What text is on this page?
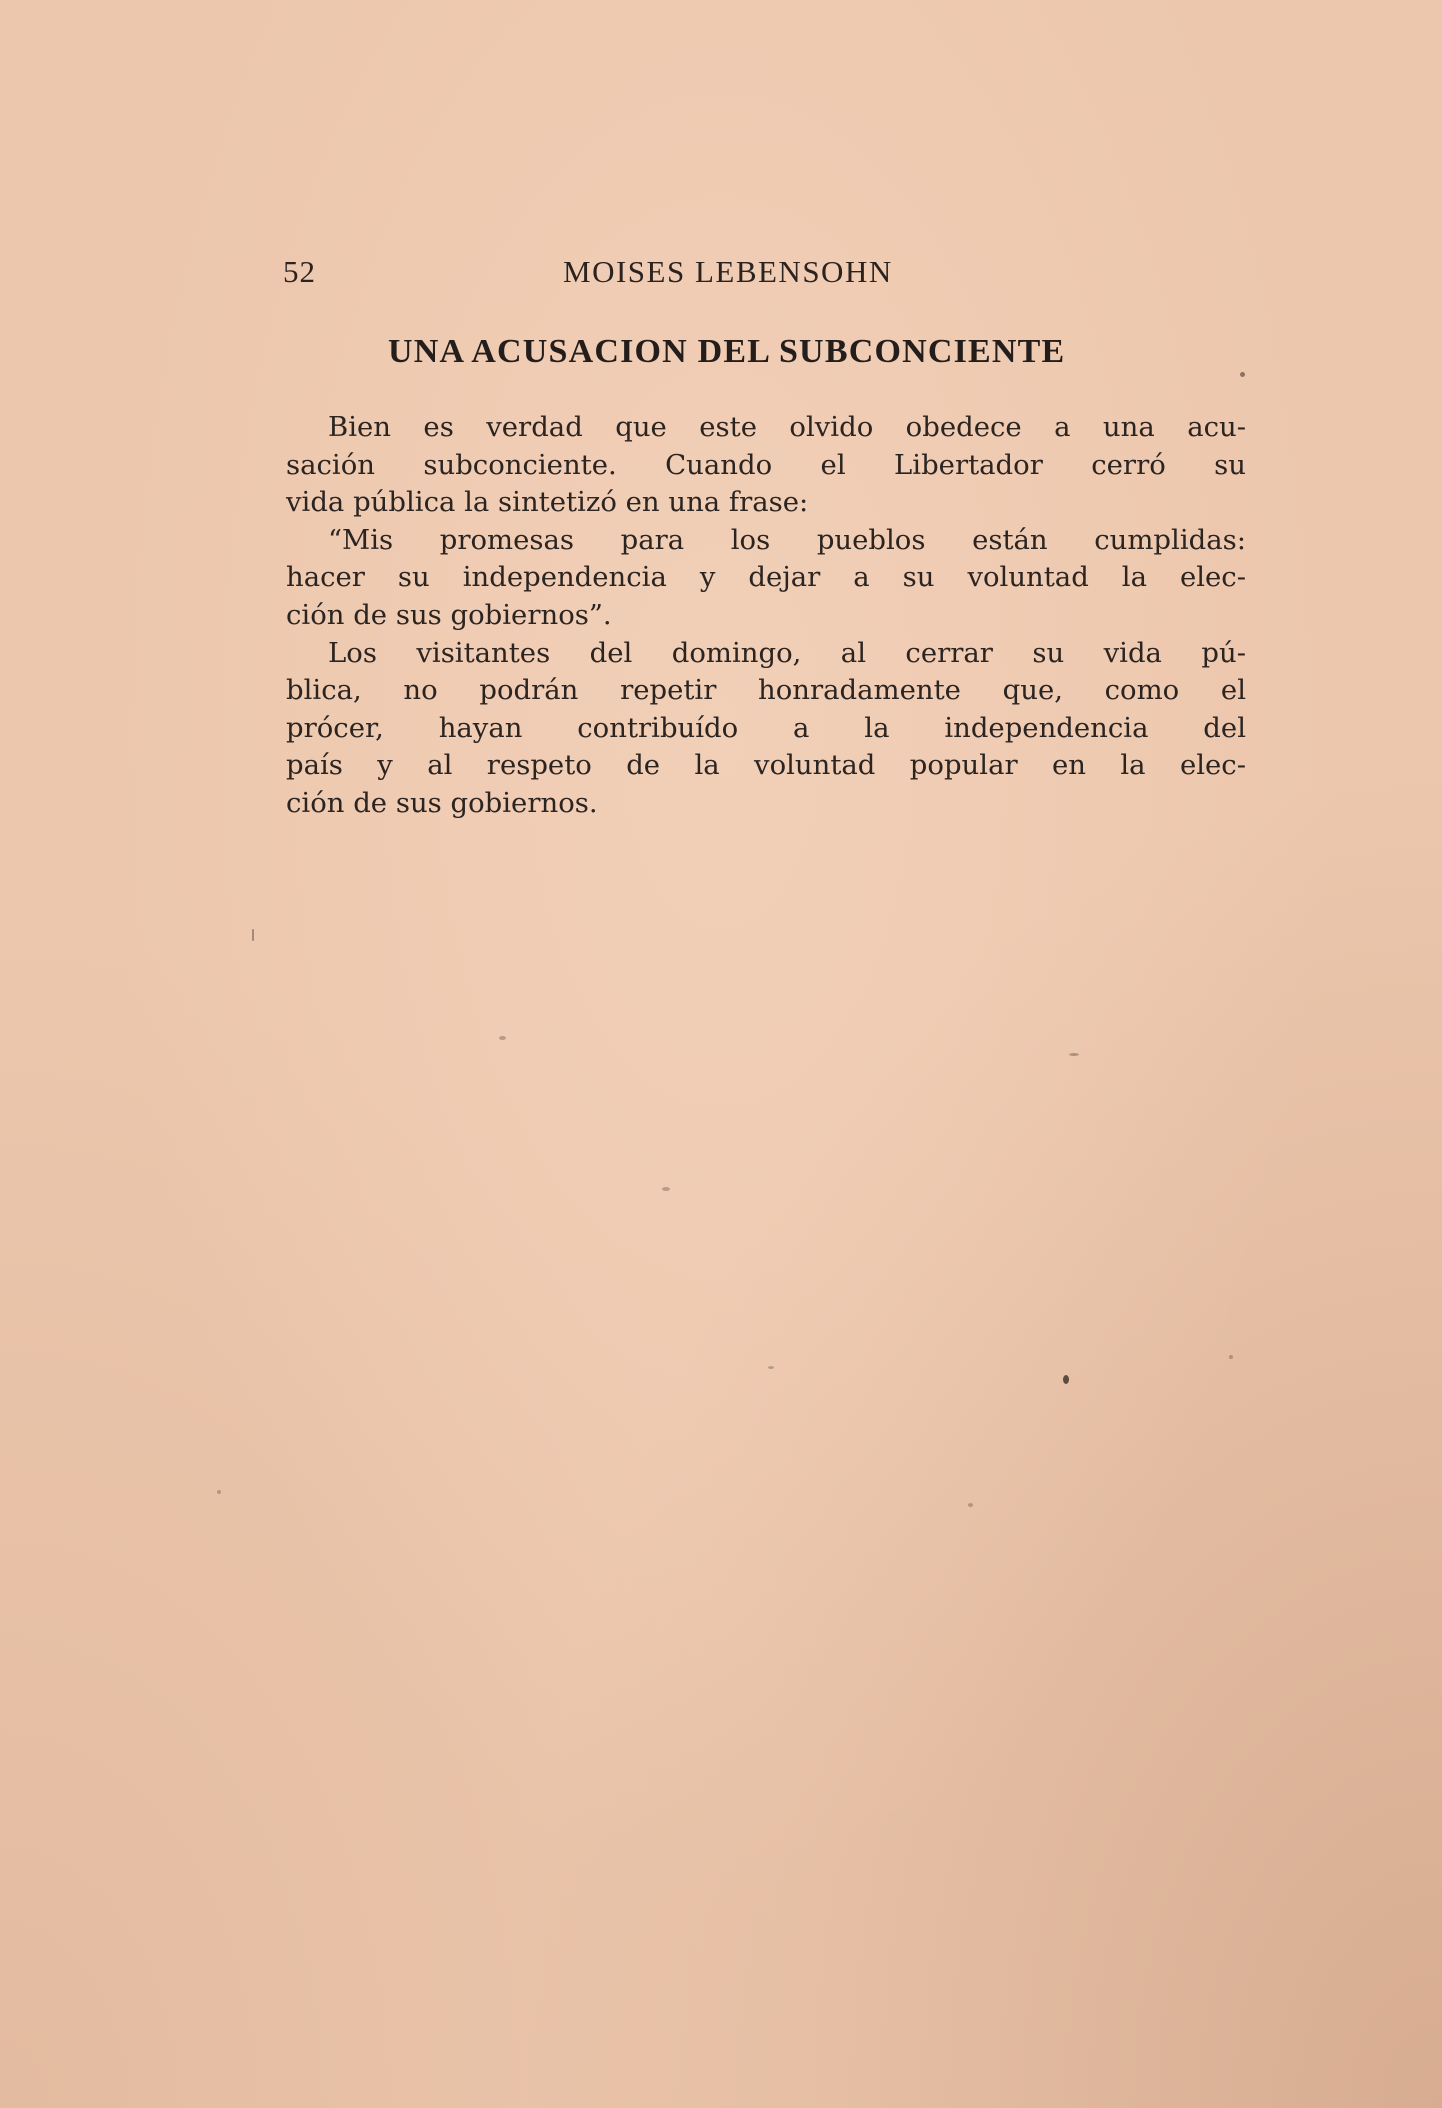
52	MOISES LEBENSOHN
UNA ACUSACION DEL SUBCONCIENTE
Bien es verdad que este olvido obedece a una acu-
sación subconciente. Cuando el Libertador cerró su
vida pública la sintetizó en una frase:
“Mis promesas para los pueblos están cumplidas:
hacer su independencia y dejar a su voluntad la elec-
ción de sus gobiernos”.
Los visitantes del domingo, al cerrar su vida pú-
blica, no podrán repetir honradamente que, como el
prócer, hayan contribuído a la independencia del
país y al respeto de la voluntad popular en la elec-
ción de sus gobiernos.
